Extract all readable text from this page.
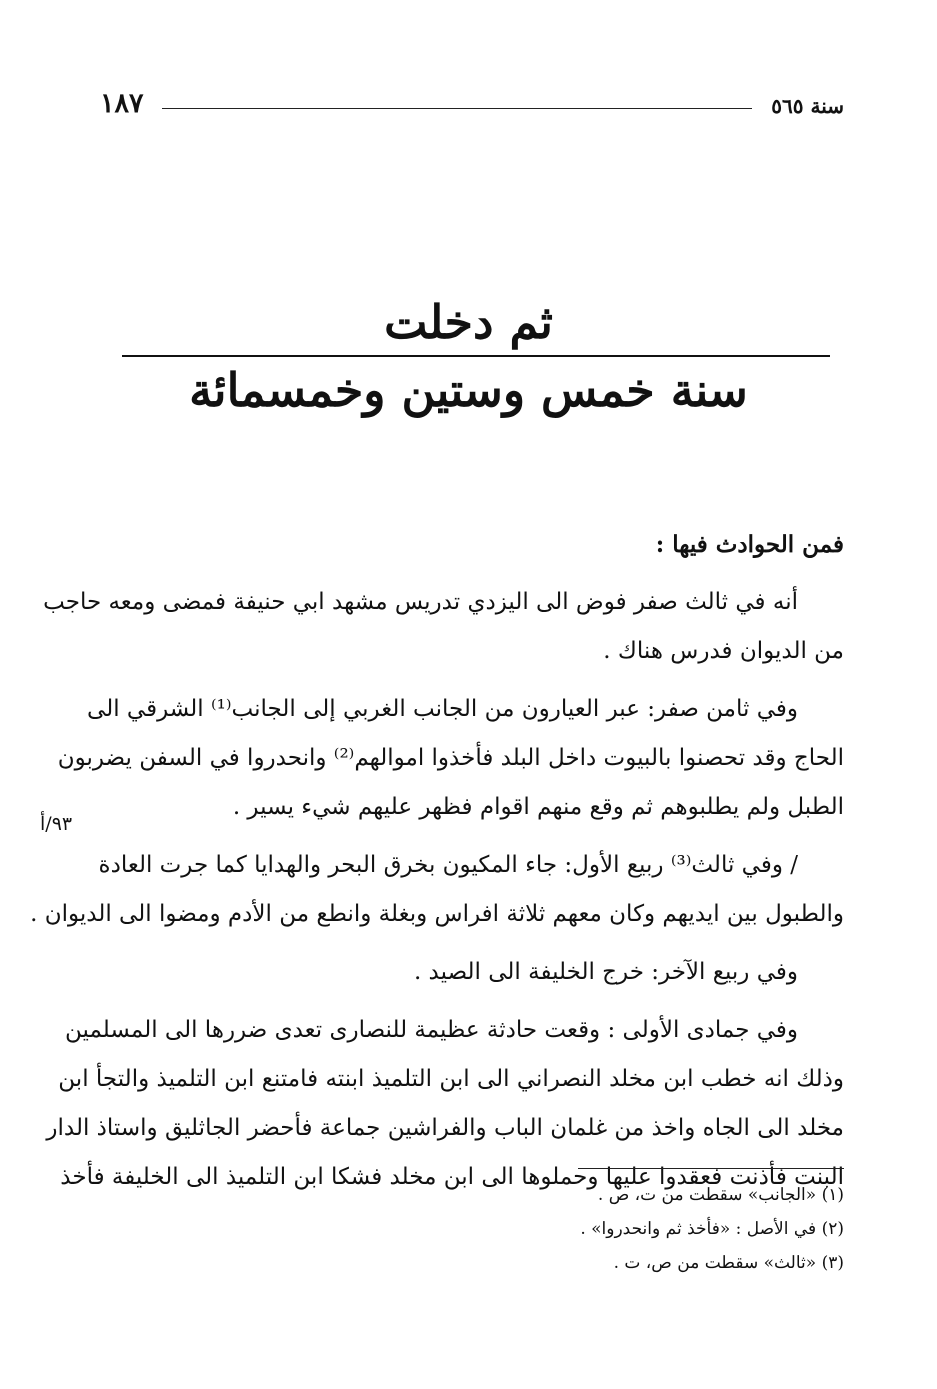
سنة ٥٦٥
١٨٧
ثم دخلت
سنة خمس وستين وخمسمائة
فمن الحوادث فيها :
أنه في ثالث صفر فوض الى اليزدي تدريس مشهد ابي حنيفة فمضى ومعه حاجب
من الديوان فدرس هناك .
وفي ثامن صفر: عبر العيارون من الجانب الغربي إلى الجانب⁽¹⁾ الشرقي الى
الحاج وقد تحصنوا بالبيوت داخل البلد فأخذوا اموالهم⁽²⁾ وانحدروا في السفن يضربون
الطبل ولم يطلبوهم ثم وقع منهم اقوام فظهر عليهم شيء يسير .
/ وفي ثالث⁽³⁾ ربيع الأول: جاء المكيون بخرق البحر والهدايا كما جرت العادة
والطبول بين ايديهم وكان معهم ثلاثة افراس وبغلة وانطع من الأدم ومضوا الى الديوان .
وفي ربيع الآخر: خرج الخليفة الى الصيد .
وفي جمادى الأولى : وقعت حادثة عظيمة للنصارى تعدى ضررها الى المسلمين
وذلك انه خطب ابن مخلد النصراني الى ابن التلميذ ابنته فامتنع ابن التلميذ والتجأ ابن
مخلد الى الجاه واخذ من غلمان الباب والفراشين جماعة فأحضر الجاثليق واستاذ الدار
البنت فأذنت فعقدوا عليها وحملوها الى ابن مخلد فشكا ابن التلميذ الى الخليفة فأخذ
٩٣/أ
(١) «الجانب» سقطت من ت، ص .
(٢) في الأصل : «فأخذ ثم وانحدروا» .
(٣) «ثالث» سقطت من ص، ت .
